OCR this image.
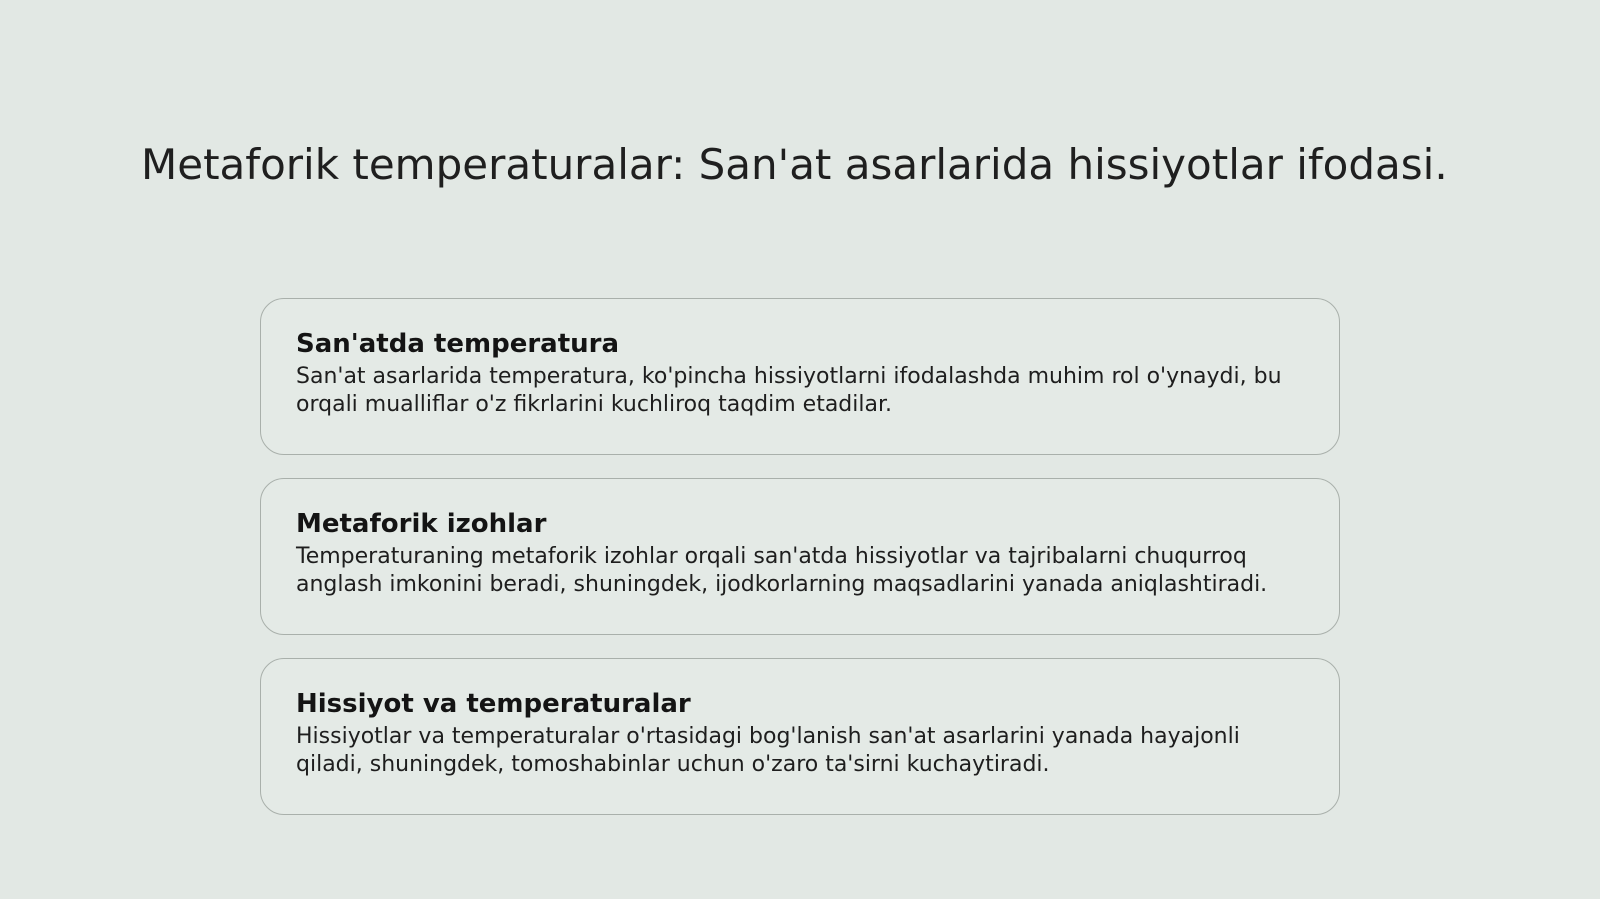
Metaforik temperaturalar: San'at asarlarida hissiyotlar ifodasi.
San'atda temperatura

San'at asarlarida temperatura, ko'pincha hissiyotlarni ifodalashda muhim rol o'ynaydi, bu orqali mualliflar o'z fikrlarini kuchliroq taqdim etadilar.

Metaforik izohlar

Temperaturaning metaforik izohlar orqali san'atda hissiyotlar va tajribalarni chuqurroq anglash imkonini beradi, shuningdek, ijodkorlarning maqsadlarini yanada aniqlashtiradi.

Hissiyot va temperaturalar

Hissiyotlar va temperaturalar o'rtasidagi bog'lanish san'at asarlarini yanada hayajonli qiladi, shuningdek, tomoshabinlar uchun o'zaro ta'sirni kuchaytiradi.
